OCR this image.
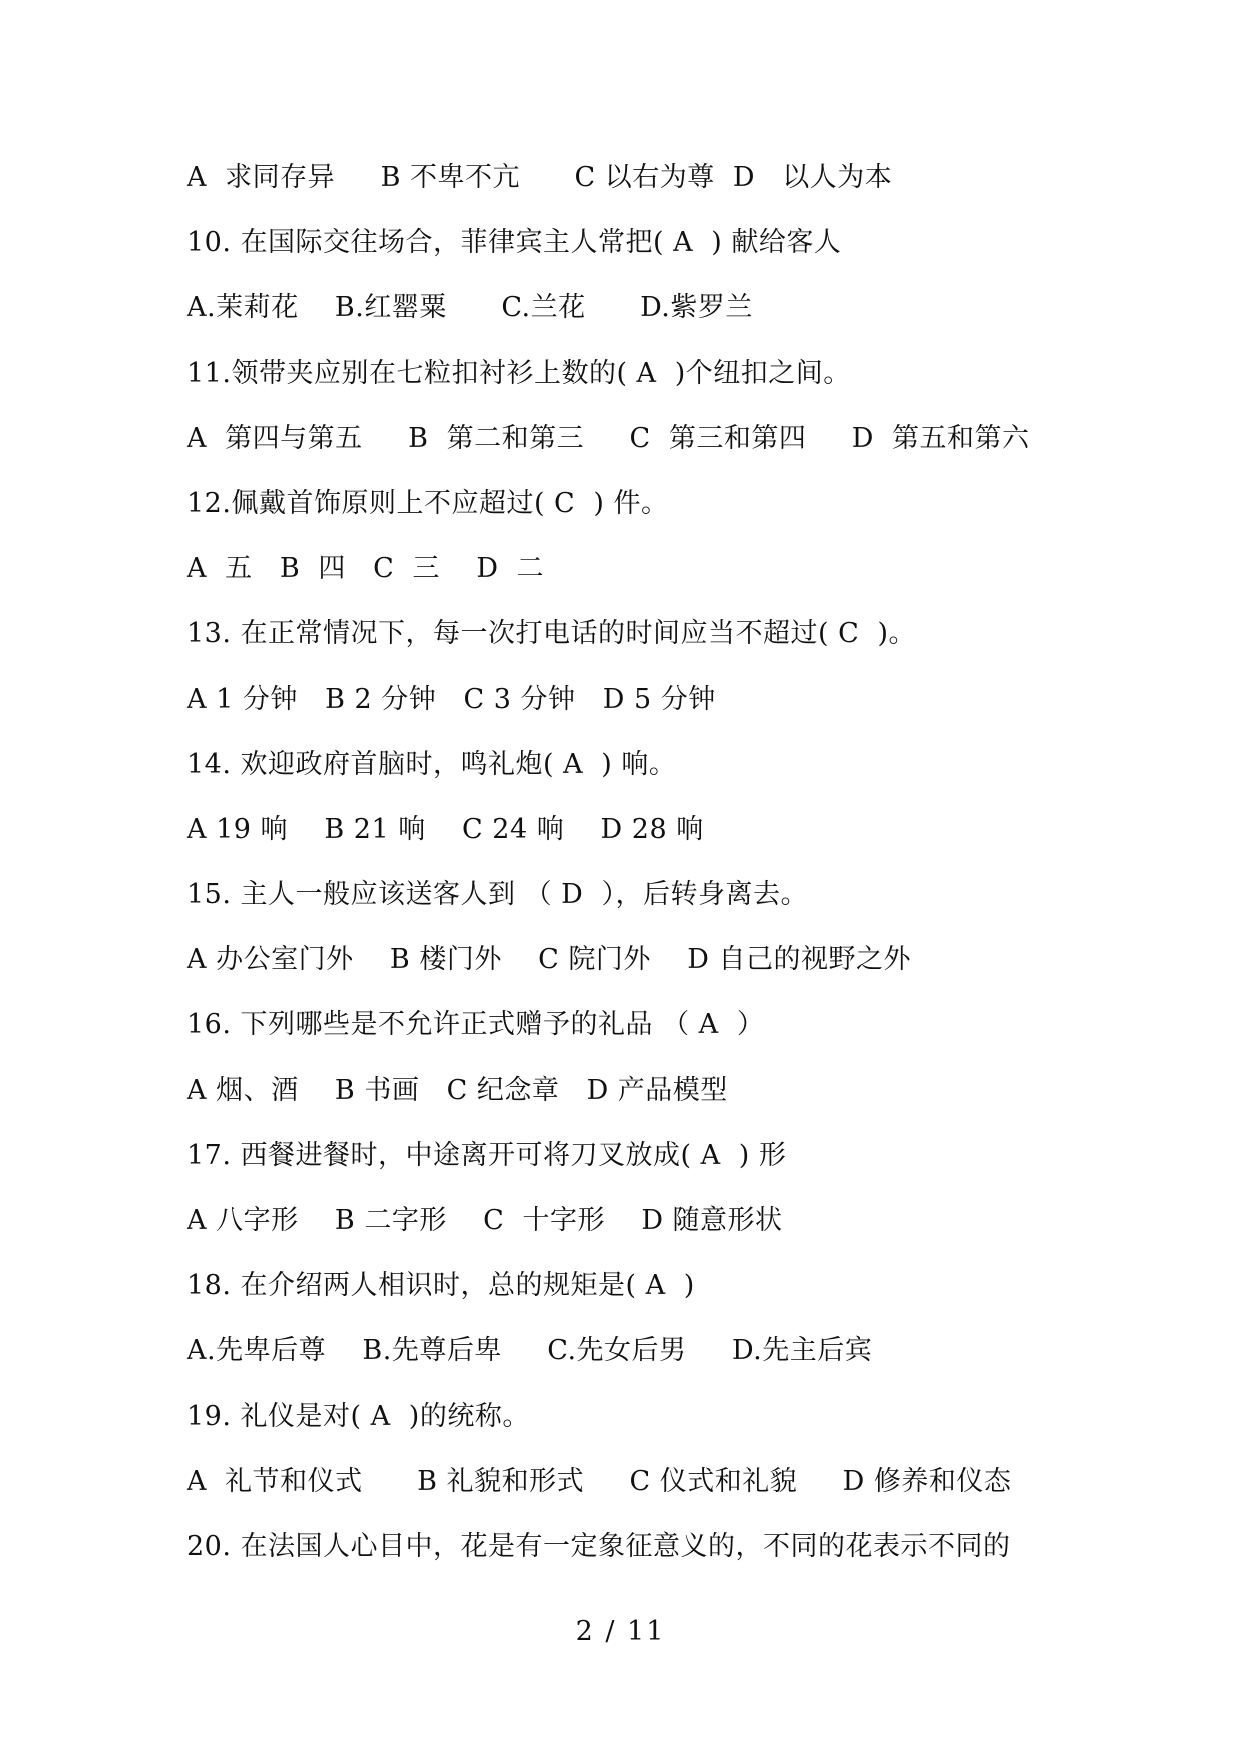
A  求同存异     B 不卑不亢      C 以右为尊  D   以人为本
10. 在国际交往场合，菲律宾主人常把( A  ) 献给客人
A.茉莉花    B.红罂粟      C.兰花      D.紫罗兰
11.领带夹应别在七粒扣衬衫上数的( A  )个纽扣之间。
A  第四与第五     B  第二和第三     C  第三和第四     D  第五和第六
12.佩戴首饰原则上不应超过( C  ) 件。
A  五   B  四   C  三    D  二
13. 在正常情况下，每一次打电话的时间应当不超过( C  )。
A 1 分钟   B 2 分钟   C 3 分钟   D 5 分钟
14. 欢迎政府首脑时，鸣礼炮( A  ) 响。
A 19 响    B 21 响    C 24 响    D 28 响
15. 主人一般应该送客人到 （ D  ），后转身离去。
A 办公室门外    B 楼门外    C 院门外    D 自己的视野之外
16. 下列哪些是不允许正式赠予的礼品 （ A  ）
A 烟、酒    B 书画   C 纪念章   D 产品模型
17. 西餐进餐时，中途离开可将刀叉放成( A  ) 形
A 八字形    B 二字形    C  十字形    D 随意形状
18. 在介绍两人相识时，总的规矩是( A  )
A.先卑后尊    B.先尊后卑     C.先女后男     D.先主后宾
19. 礼仪是对( A  )的统称。
A  礼节和仪式      B 礼貌和形式     C 仪式和礼貌     D 修养和仪态
20. 在法国人心目中，花是有一定象征意义的，不同的花表示不同的
2 / 11
